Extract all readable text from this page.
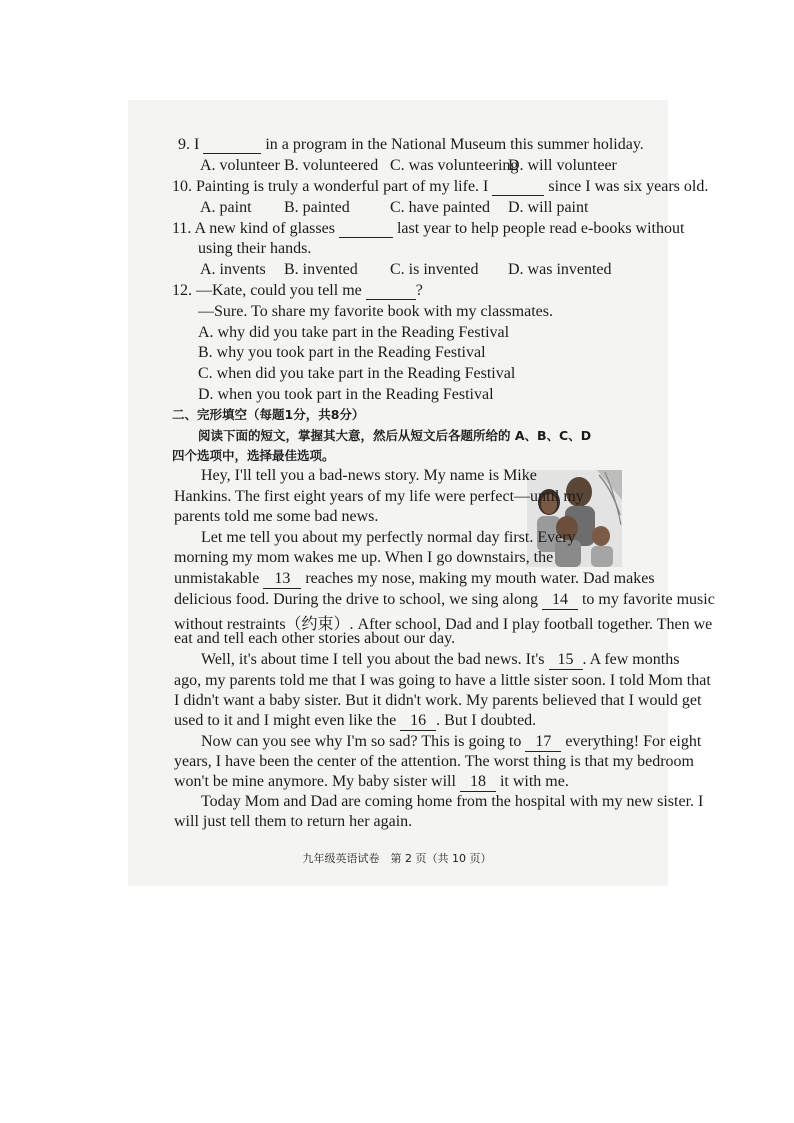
9. I	in a program in the National Museum this summer holiday.
A. volunteer B. volunteered C. was volunteering
D. will volunteer
10. Painting is truly a wonderful part of my life. I	since I was six years old.
A. paint B. painted	C. have painted D. will paint
11. A new kind of glasses	last year to help people read e-books without
using their hands.
A. invents B. invented C. is invented D. was invented
12. —Kate, could you tell me	?
—Sure. To share my favorite book with my classmates.
A. why did you take part in the Reading Festival
B. why you took part in the Reading Festival
C. when did you take part in the Reading Festival
D. when you took part in the Reading Festival
二、完形填空（每题1分，共8分）
阅读下面的短文，掌握其大意，然后从短文后各题所给的 A、B、C、D
四个选项中，选择最佳选项。
Hey, I'll tell you a bad-news story. My name is Mike
Hankins. The first eight years of my life were perfect—until my
parents told me some bad news.
Let me tell you about my perfectly normal day first. Every
morning my mom wakes me up. When I go downstairs, the
unmistakable 13 reaches my nose, making my mouth water. Dad makes
delicious food. During the drive to school, we sing along 14 to my favorite music
without restraints（约束）. After school, Dad and I play football together. Then we
eat and tell each other stories about our day.
Well, it's about time I tell you about the bad news. It's 15 . A few months
ago, my parents told me that I was going to have a little sister soon. I told Mom that
I didn't want a baby sister. But it didn't work. My parents believed that I would get
used to it and I might even like the 16 . But I doubted.
Now can you see why I'm so sad? This is going to 17 everything! For eight
years, I have been the center of the attention. The worst thing is that my bedroom
won't be mine anymore. My baby sister will 18 it with me.
Today Mom and Dad are coming home from the hospital with my new sister. I
will just tell them to return her again.
九年级英语试卷　第 2 页（共 10 页）
